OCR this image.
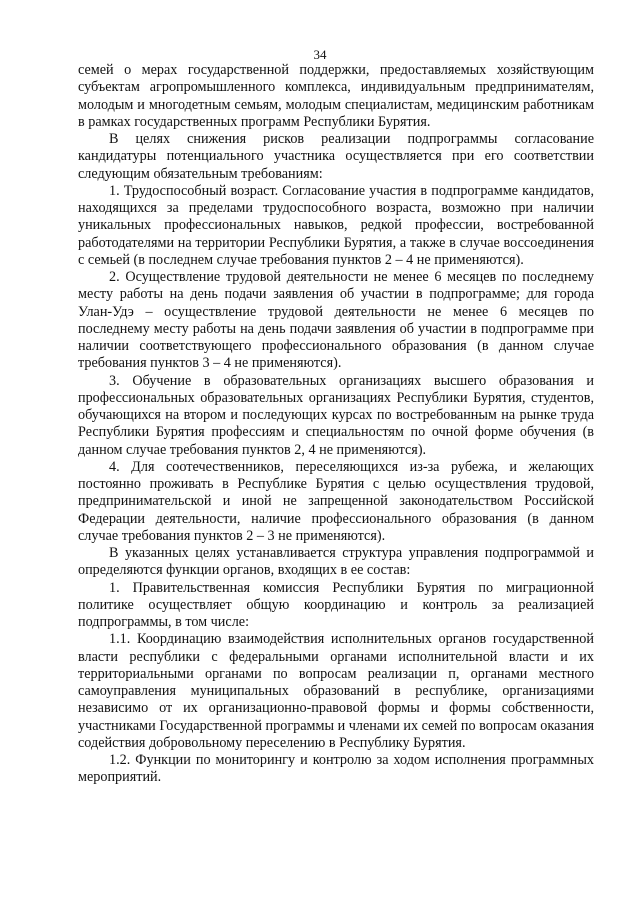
34

семей о мерах государственной поддержки, предоставляемых хозяйствующим субъектам агропромышленного комплекса, индивидуальным предпринимателям, молодым и многодетным семьям, молодым специалистам, медицинским работникам в рамках государственных программ Республики Бурятия.

В целях снижения рисков реализации подпрограммы согласование кандидатуры потенциального участника осуществляется при его соответствии следующим обязательным требованиям:

1. Трудоспособный возраст. Согласование участия в подпрограмме кандидатов, находящихся за пределами трудоспособного возраста, возможно при наличии уникальных профессиональных навыков, редкой профессии, востребованной работодателями на территории Республики Бурятия, а также в случае воссоединения с семьей (в последнем случае требования пунктов 2 – 4 не применяются).

2. Осуществление трудовой деятельности не менее 6 месяцев по последнему месту работы на день подачи заявления об участии в подпрограмме; для города Улан-Удэ – осуществление трудовой деятельности не менее 6 месяцев по последнему месту работы на день подачи заявления об участии в подпрограмме при наличии соответствующего профессионального образования (в данном случае требования пунктов 3 – 4 не применяются).

3. Обучение в образовательных организациях высшего образования и профессиональных образовательных организациях Республики Бурятия, студентов, обучающихся на втором и последующих курсах по востребованным на рынке труда Республики Бурятия профессиям и специальностям по очной форме обучения (в данном случае требования пунктов 2, 4 не применяются).

4. Для соотечественников, переселяющихся из-за рубежа, и желающих постоянно проживать в Республике Бурятия с целью осуществления трудовой, предпринимательской и иной не запрещенной законодательством Российской Федерации деятельности, наличие профессионального образования (в данном случае требования пунктов 2 – 3 не применяются).

В указанных целях устанавливается структура управления подпрограммой и определяются функции органов, входящих в ее состав:

1. Правительственная комиссия Республики Бурятия по миграционной политике осуществляет общую координацию и контроль за реализацией подпрограммы, в том числе:

1.1. Координацию взаимодействия исполнительных органов государственной власти республики с федеральными органами исполнительной власти и их территориальными органами по вопросам реализации п, органами местного самоуправления муниципальных образований в республике, организациями независимо от их организационно-правовой формы и формы собственности, участниками Государственной программы и членами их семей по вопросам оказания содействия добровольному переселению в Республику Бурятия.

1.2. Функции по мониторингу и контролю за ходом исполнения программных мероприятий.
